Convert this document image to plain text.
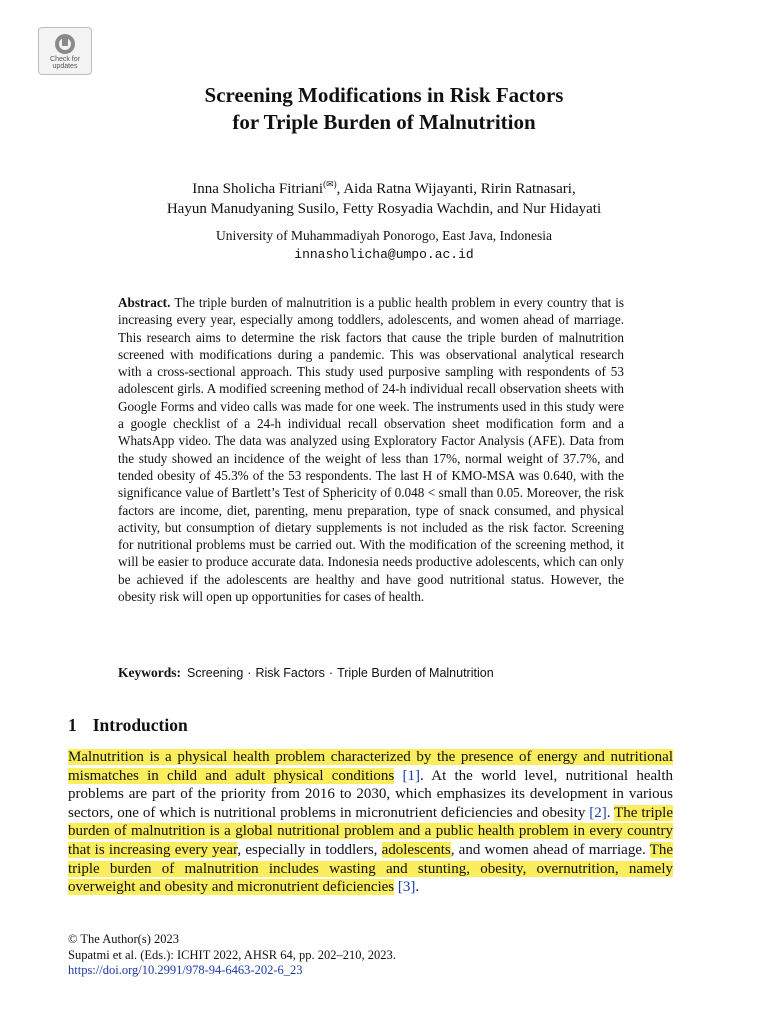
Check for
updates
Screening Modifications in Risk Factors
for Triple Burden of Malnutrition
Inna Sholicha Fitriani(✉), Aida Ratna Wijayanti, Ririn Ratnasari,
Hayun Manudyaning Susilo, Fetty Rosyadia Wachdin, and Nur Hidayati
University of Muhammadiyah Ponorogo, East Java, Indonesia
innasholicha@umpo.ac.id
Abstract. The triple burden of malnutrition is a public health problem in every country that is increasing every year, especially among toddlers, adolescents, and women ahead of marriage. This research aims to determine the risk factors that cause the triple burden of malnutrition screened with modifications during a pandemic. This was observational analytical research with a cross-sectional approach. This study used purposive sampling with respondents of 53 adolescent girls. A modified screening method of 24-h individual recall observation sheets with Google Forms and video calls was made for one week. The instruments used in this study were a google checklist of a 24-h individual recall observation sheet modification form and a WhatsApp video. The data was analyzed using Exploratory Factor Analysis (AFE). Data from the study showed an incidence of the weight of less than 17%, normal weight of 37.7%, and tended obesity of 45.3% of the 53 respondents. The last H of KMO-MSA was 0.640, with the significance value of Bartlett’s Test of Sphericity of 0.048 < small than 0.05. Moreover, the risk factors are income, diet, parenting, menu preparation, type of snack consumed, and physical activity, but consumption of dietary supplements is not included as the risk factor. Screening for nutritional problems must be carried out. With the modification of the screening method, it will be easier to produce accurate data. Indonesia needs productive adolescents, which can only be achieved if the adolescents are healthy and have good nutritional status. However, the obesity risk will open up opportunities for cases of health.
Keywords: Screening · Risk Factors · Triple Burden of Malnutrition
1 Introduction
Malnutrition is a physical health problem characterized by the presence of energy and nutritional mismatches in child and adult physical conditions [1]. At the world level, nutritional health problems are part of the priority from 2016 to 2030, which emphasizes its development in various sectors, one of which is nutritional problems in micronutrient deficiencies and obesity [2]. The triple burden of malnutrition is a global nutritional problem and a public health problem in every country that is increasing every year, especially in toddlers, adolescents, and women ahead of marriage. The triple burden of malnutrition includes wasting and stunting, obesity, overnutrition, namely overweight and obesity and micronutrient deficiencies [3].
© The Author(s) 2023
Supatmi et al. (Eds.): ICHIT 2022, AHSR 64, pp. 202–210, 2023.
https://doi.org/10.2991/978-94-6463-202-6_23
